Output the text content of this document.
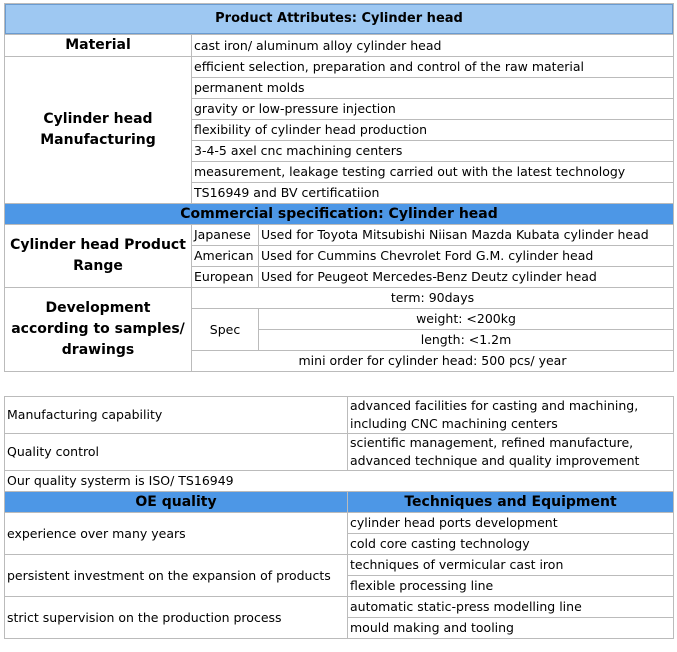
Product Attributes: Cylinder head		
Material	cast iron/ aluminum alloy cylinder head	
Cylinder head Manufacturing	efficient selection, preparation and control of the raw material	
	permanent molds	
	gravity or low-pressure injection	
	flexibility of cylinder head production	
	3-4-5 axel cnc machining centers	
	measurement, leakage testing carried out with the latest technology	
	TS16949 and BV certificatiion	
Commercial specification: Cylinder head		
Cylinder head Product Range	Japanese	Used for Toyota Mitsubishi Niisan Mazda Kubata cylinder head
	American	Used for Cummins Chevrolet Ford G.M. cylinder head
	European	Used for Peugeot Mercedes-Benz Deutz cylinder head
Development according to samples/ drawings	term: 90days	
	Spec	weight: <200kg
		length: <1.2m
	mini order for cylinder head: 500 pcs/ year	
Manufacturing capability	advanced facilities for casting and machining, including CNC machining centers
Quality control	scientific management, refined manufacture, advanced technique and quality improvement
Our quality systerm is ISO/ TS16949	
OE quality	Techniques and Equipment
experience over many years	cylinder head ports development
	cold core casting technology
persistent investment on the expansion of products	techniques of vermicular cast iron
	flexible processing line
strict supervision on the production process	automatic static-press modelling line
	mould making and tooling
